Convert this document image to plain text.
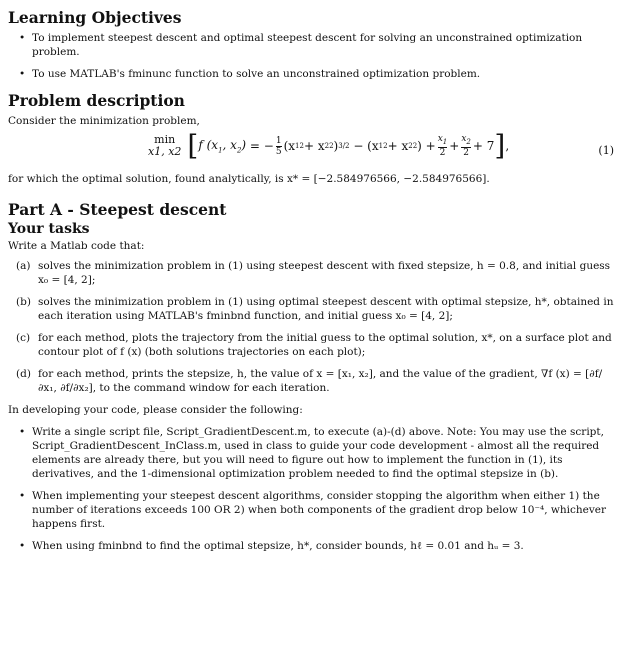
Learning Objectives
• To implement steepest descent and optimal steepest descent for solving an unconstrained optimization problem.
• To use MATLAB's fminunc function to solve an unconstrained optimization problem.
Problem description

Consider the minimization problem,

min
x1, x2 [ f ($x_1$, $x_2$) = − $\frac{1}{5} (x$ 1 2 + x 2 2 ) 3/2 − (x 1 2 + x 2 2 ) + $\frac{x_1}{2} + \frac{x_2}{2} + 7$ ] ,	(1)

for which the optimal solution, found analytically, is x* = [−2.584976566, −2.584976566].

Part A - Steepest descent
Your tasks

Write a Matlab code that:

(a) solves the minimization problem in (1) using steepest descent with fixed stepsize, h = 0.8, and initial guess x₀ = [4, 2];
(b) solves the minimization problem in (1) using optimal steepest descent with optimal stepsize, h*, obtained in each iteration using MATLAB's fminbnd function, and initial guess x₀ = [4, 2];
(c) for each method, plots the trajectory from the initial guess to the optimal solution, x*, on a surface plot and contour plot of f (x) (both solutions trajectories on each plot);
(d) for each method, prints the stepsize, h, the value of x = [x₁, x₂], and the value of the gradient, ∇f (x) = [∂f/∂x₁, ∂f/∂x₂], to the command window for each iteration.

In developing your code, please consider the following:

• Write a single script file, Script_GradientDescent.m, to execute (a)-(d) above. Note: You may use the script, Script_GradientDescent_InClass.m, used in class to guide your code development - almost all the required elements are already there, but you will need to figure out how to implement the function in (1), its derivatives, and the 1-dimensional optimization problem needed to find the optimal stepsize in (b).
• When implementing your steepest descent algorithms, consider stopping the algorithm when either 1) the number of iterations exceeds 100 OR 2) when both components of the gradient drop below 10⁻⁴, whichever happens first.
• When using fminbnd to find the optimal stepsize, h*, consider bounds, hℓ = 0.01 and hᵤ = 3.
